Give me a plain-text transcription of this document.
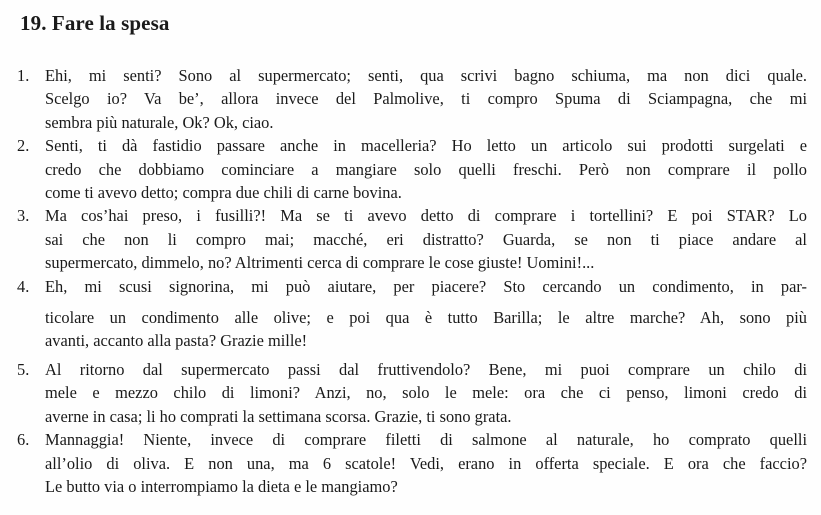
19. Fare la spesa
1. Ehi, mi senti? Sono al supermercato; senti, qua scrivi bagno schiuma, ma non dici quale.
Scelgo io? Va be’, allora invece del Palmolive, ti compro Spuma di Sciampagna, che mi
sembra più naturale, Ok? Ok, ciao.
2. Senti, ti dà fastidio passare anche in macelleria? Ho letto un articolo sui prodotti surgelati e
credo che dobbiamo cominciare a mangiare solo quelli freschi. Però non comprare il pollo
come ti avevo detto; compra due chili di carne bovina.
3. Ma cos’hai preso, i fusilli?! Ma se ti avevo detto di comprare i tortellini? E poi STAR? Lo
sai che non li compro mai; macché, eri distratto? Guarda, se non ti piace andare al
supermercato, dimmelo, no? Altrimenti cerca di comprare le cose giuste! Uomini!...
4. Eh, mi scusi signorina, mi può aiutare, per piacere? Sto cercando un condimento, in par-
ticolare un condimento alle olive; e poi qua è tutto Barilla; le altre marche? Ah, sono più
avanti, accanto alla pasta? Grazie mille!
5. Al ritorno dal supermercato passi dal fruttivendolo? Bene, mi puoi comprare un chilo di
mele e mezzo chilo di limoni? Anzi, no, solo le mele: ora che ci penso, limoni credo di
averne in casa; li ho comprati la settimana scorsa. Grazie, ti sono grata.
6. Mannaggia! Niente, invece di comprare filetti di salmone al naturale, ho comprato quelli
all’olio di oliva. E non una, ma 6 scatole! Vedi, erano in offerta speciale. E ora che faccio?
Le butto via o interrompiamo la dieta e le mangiamo?
